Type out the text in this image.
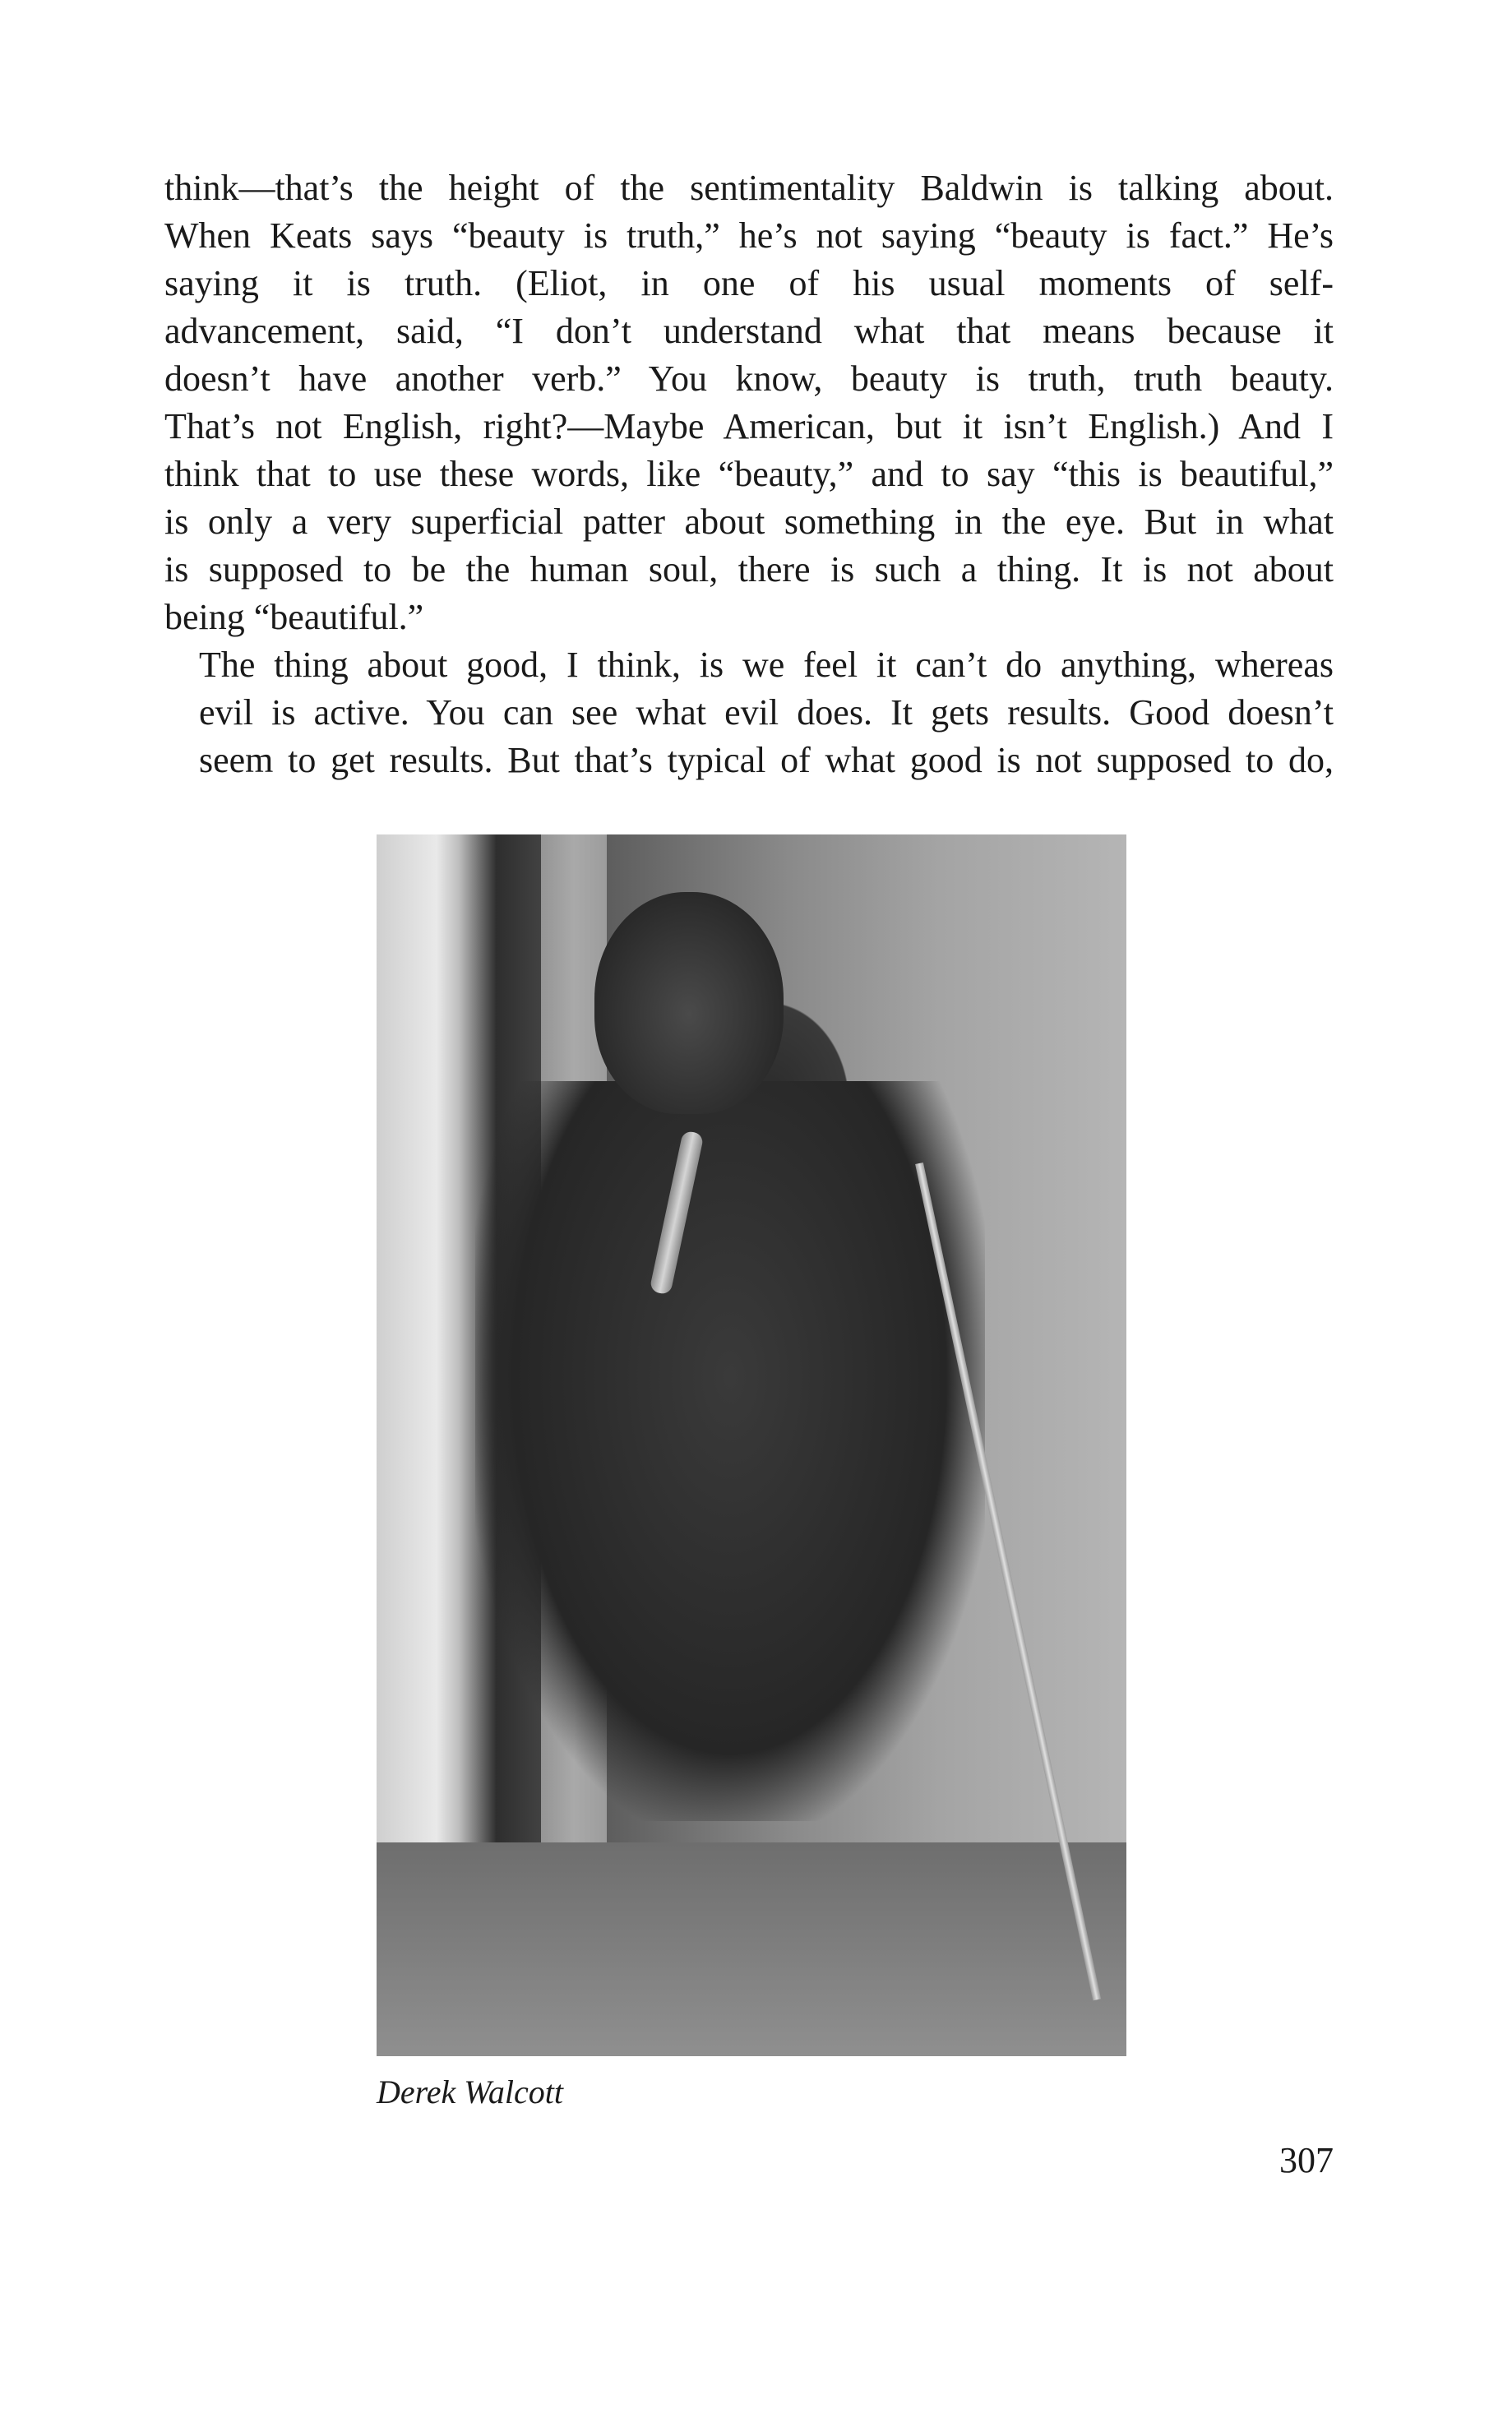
think—that’s the height of the sentimentality Baldwin is talking about.
When Keats says “beauty is truth,” he’s not saying “beauty is fact.” He’s
saying it is truth. (Eliot, in one of his usual moments of self-
advancement, said, “I don’t understand what that means because it
doesn’t have another verb.” You know, beauty is truth, truth beauty.
That’s not English, right?—Maybe American, but it isn’t English.) And I
think that to use these words, like “beauty,” and to say “this is beautiful,”
is only a very superficial patter about something in the eye. But in what
is supposed to be the human soul, there is such a thing. It is not about
being “beautiful.”

The thing about good, I think, is we feel it can’t do anything, whereas
evil is active. You can see what evil does. It gets results. Good doesn’t
seem to get results. But that’s typical of what good is not supposed to do,

Derek Walcott

307
